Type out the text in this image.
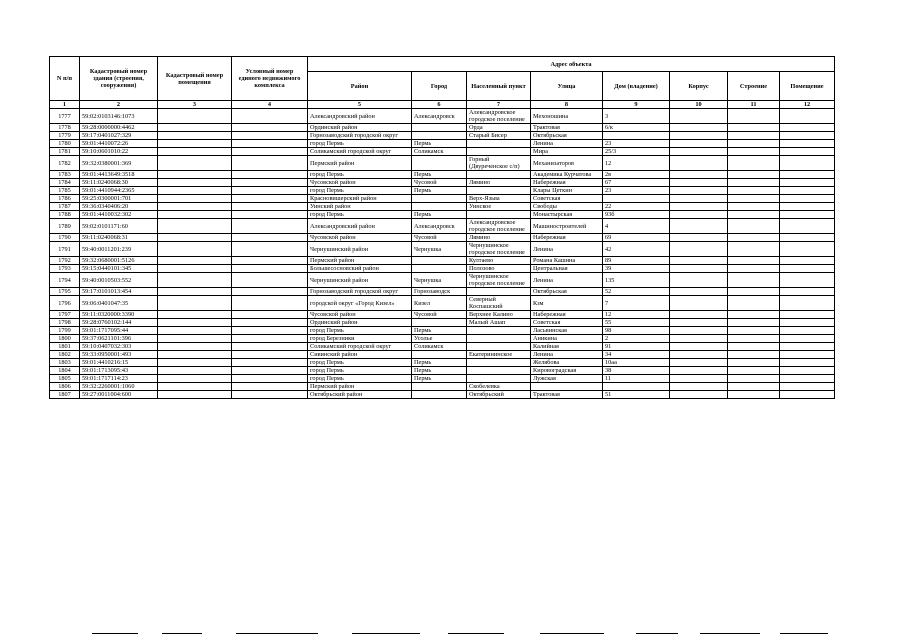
N п/п	Кадастровый номер здания (строения, сооружения)	Кадастровый номер помещения	Условный номер единого недвижимого комплекса	Адрес объекта							
				Район	Город	Населенный пункт	Улица	Дом (владение)	Корпус	Строение	Помещение
1	2	3	4	5	6	7	8	9	10	11	12
1777	59:02:0103146:1073			Александровский район	Александровск	Александровское городское поселение	Мехоношина	3			
1778	59:28:0000000:4462			Ординский район		Орда	Трактовая	6/к			
1779	59:17:0401027:329			Горнозаводский городской округ		Старый Бисер	Октябрьская				
1780	59:01:4410072:26			город Пермь	Пермь		Ленина	23			
1781	59:10:0601010:22			Соликамский городской округ	Соликамск		Мира	25/3			
1782	59:32:0380001:369			Пермский район		Горный (Двуреченское с/п)	Механизаторов	12			
1783	59:01:4413649:3518			город Пермь	Пермь		Академика Курчатова	2в			
1784	59:11:0240068:30			Чусовской район	Чусовой	Лямино	Набережная	67			
1785	59:01:4410944:2365			город Пермь	Пермь		Клары Цеткин	23			
1786	59:25:0300001:701			Красновишерский район		Верх-Язьва	Советская				
1787	59:36:0340406:20			Уинский район		Уинское	Свободы	22			
1788	59:01:4410032:302			город Пермь	Пермь		Монастырская	93б			
1789	59:02:0101171:60			Александровский район	Александровск	Александровское городское поселение	Машиностроителей	4			
1790	59:11:0240068:31			Чусовской район	Чусовой	Лямино	Набережная	69			
1791	59:40:0011201:239			Чернушинский район	Чернушка	Чернушинское городское поселение	Ленина	42			
1792	59:32:0680001:5126			Пермский район		Култаево	Романа Кашина	89			
1793	59:15:0440101:345			Большесосновский район		Полозово	Центральная	39			
1794	59:40:0010503:552			Чернушинский район	Чернушка	Чернушинское городское поселение	Ленина	135			
1795	59:17:0101013:454			Горнозаводский городской округ	Горнозаводск		Октябрьская	52			
1796	59:06:0401047:35			городской округ «Город Кизел»	Кизел	Северный Коспашский	Кзм	7			
1797	59:11:0320000:3390			Чусовской район	Чусовой	Верхнее Калино	Набережная	12			
1798	59:28:0760102:144			Ординский район		Малый Ашап	Советская	55			
1799	59:01:1717095:44			город Пермь	Пермь		Ласьвинская	98			
1800	59:37:0621101:396			город Березники	Усолье		Аникина	2			
1801	59:10:0407032:303			Соликамский городской округ	Соликамск		Калийная	91			
1802	59:33:0950001:493			Сивинский район		Екатерининское	Ленина	34			
1803	59:01:4410216:15			город Пермь	Пермь		Желябова	10аа			
1804	59:01:1713095:43			город Пермь	Пермь		Кировоградская	38			
1805	59:01:1717114:23			город Пермь	Пермь		Лужская	11			
1806	59:32:2260001:1060			Пермский район		Скобелевка					
1807	59:27:0011004:600			Октябрьский район		Октябрьский	Трактовая	51			
